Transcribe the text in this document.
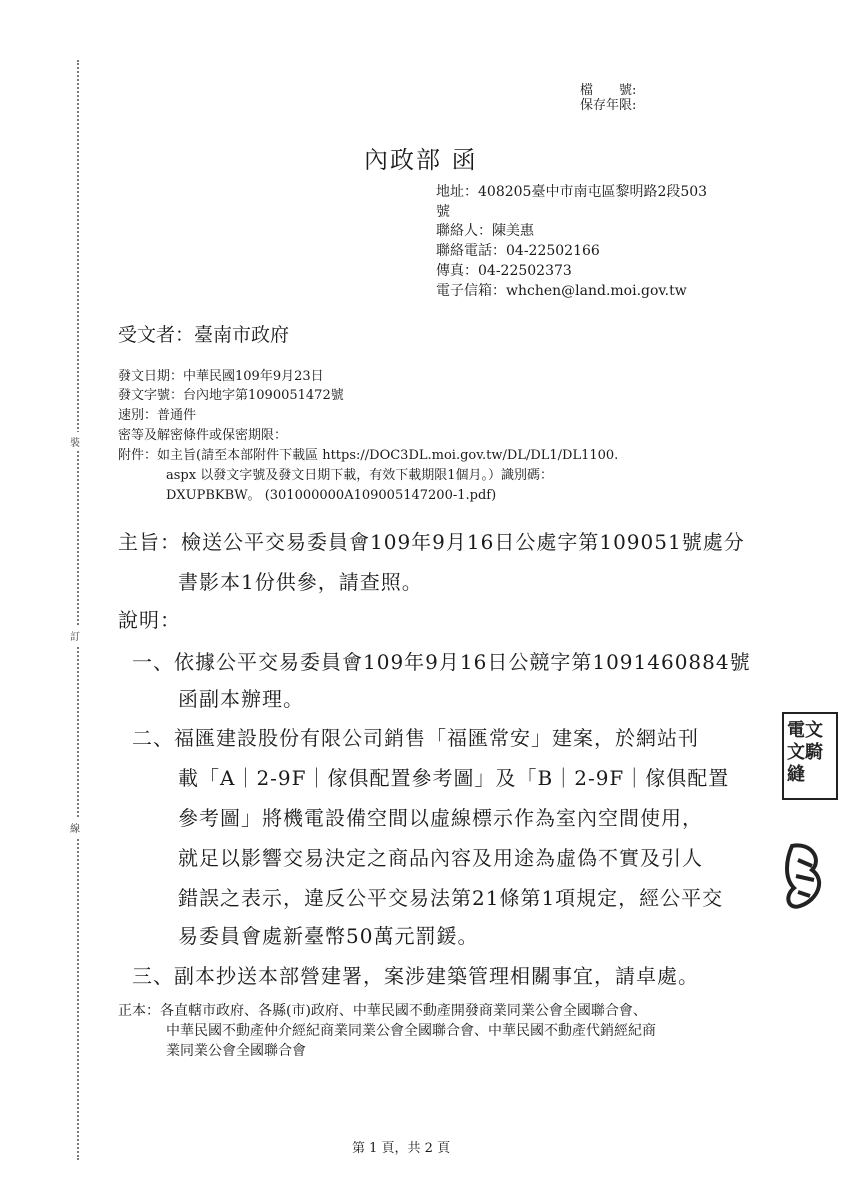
裝
訂
線
檔　　號:
保存年限:
內政部 函
地址：408205臺中市南屯區黎明路2段503
號
聯絡人：陳美惠
聯絡電話：04-22502166
傳真：04-22502373
電子信箱：whchen@land.moi.gov.tw
受文者：臺南市政府
發文日期：中華民國109年9月23日
發文字號：台內地字第1090051472號
速別：普通件
密等及解密條件或保密期限：
附件：如主旨(請至本部附件下載區 https://DOC3DL.moi.gov.tw/DL/DL1/DL1100.
aspx 以發文字號及發文日期下載，有效下載期限1個月。）識別碼：
DXUPBKBW。 (301000000A109005147200-1.pdf)
主旨：檢送公平交易委員會109年9月16日公處字第109051號處分
書影本1份供參，請查照。
說明：
一、依據公平交易委員會109年9月16日公競字第1091460884號
函副本辦理。
二、福匯建設股份有限公司銷售「福匯常安」建案，於網站刊
載「A｜2-9F｜傢俱配置參考圖」及「B｜2-9F｜傢俱配置
參考圖」將機電設備空間以虛線標示作為室內空間使用，
就足以影響交易決定之商品內容及用途為虛偽不實及引人
錯誤之表示，違反公平交易法第21條第1項規定，經公平交
易委員會處新臺幣50萬元罰鍰。
三、副本抄送本部營建署，案涉建築管理相關事宜，請卓處。
正本：各直轄市政府、各縣(市)政府、中華民國不動產開發商業同業公會全國聯合會、
中華民國不動產仲介經紀商業同業公會全國聯合會、中華民國不動產代銷經紀商
業同業公會全國聯合會
電文文騎縫
第 1 頁，共 2 頁
